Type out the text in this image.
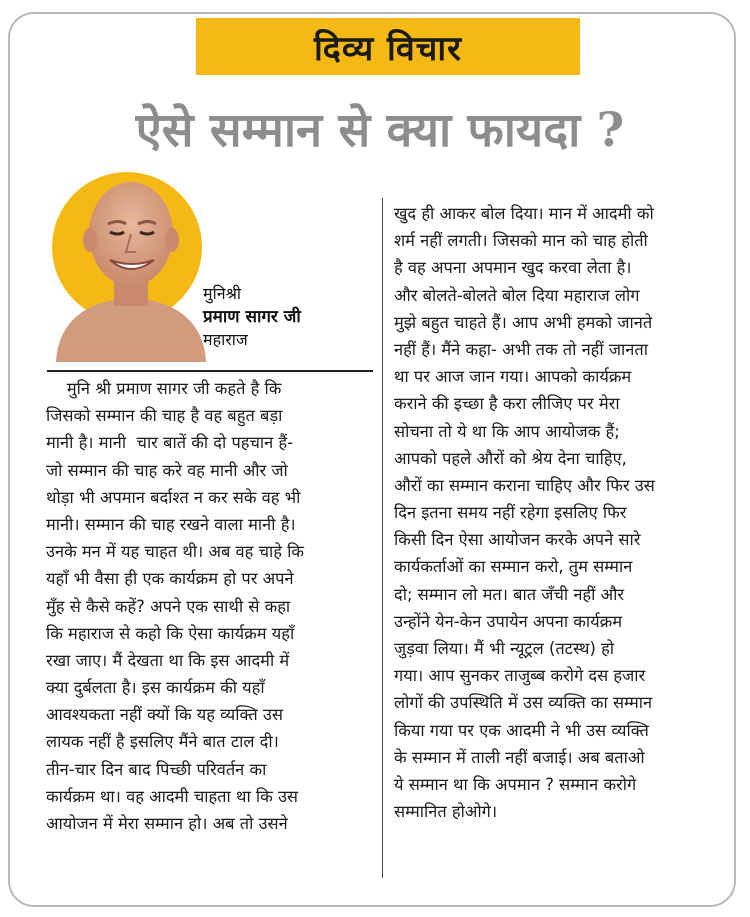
दिव्य विचार
ऐसे सम्मान से क्या फायदा ?
मुनिश्री
प्रमाण सागर जी
महाराज
मुनि श्री प्रमाण सागर जी कहते है कि
जिसको सम्मान की चाह है वह बहुत बड़ा
मानी है। मानी  चार बातें की दो पहचान हैं-
जो सम्मान की चाह करे वह मानी और जो
थोड़ा भी अपमान बर्दाश्त न कर सके वह भी
मानी। सम्मान की चाह रखने वाला मानी है।
उनके मन में यह चाहत थी। अब वह चाहे कि
यहाँ भी वैसा ही एक कार्यक्रम हो पर अपने
मुँह से कैसे कहें? अपने एक साथी से कहा
कि महाराज से कहो कि ऐसा कार्यक्रम यहाँ
रखा जाए। मैं देखता था कि इस आदमी में
क्या दुर्बलता है। इस कार्यक्रम की यहाँ
आवश्यकता नहीं क्यों कि यह व्यक्ति उस
लायक नहीं है इसलिए मैंने बात टाल दी।
तीन-चार दिन बाद पिच्छी परिवर्तन का
कार्यक्रम था। वह आदमी चाहता था कि उस
आयोजन में मेरा सम्मान हो। अब तो उसने
खुद ही आकर बोल दिया। मान में आदमी को
शर्म नहीं लगती। जिसको मान को चाह होती
है वह अपना अपमान खुद करवा लेता है।
और बोलते-बोलते बोल दिया महाराज लोग
मुझे बहुत चाहते हैं। आप अभी हमको जानते
नहीं हैं। मैंने कहा- अभी तक तो नहीं जानता
था पर आज जान गया। आपको कार्यक्रम
कराने की इच्छा है करा लीजिए पर मेरा
सोचना तो ये था कि आप आयोजक हैं;
आपको पहले औरों को श्रेय देना चाहिए,
औरों का सम्मान कराना चाहिए और फिर उस
दिन इतना समय नहीं रहेगा इसलिए फिर
किसी दिन ऐसा आयोजन करके अपने सारे
कार्यकर्ताओं का सम्मान करो, तुम सम्मान
दो; सम्मान लो मत। बात जँची नहीं और
उन्होंने येन-केन उपायेन अपना कार्यक्रम
जुड़वा लिया। मैं भी न्यूट्रल (तटस्थ) हो
गया। आप सुनकर ताजुब्ब करोगे दस हजार
लोगों की उपस्थिति में उस व्यक्ति का सम्मान
किया गया पर एक आदमी ने भी उस व्यक्ति
के सम्मान में ताली नहीं बजाई। अब बताओ
ये सम्मान था कि अपमान ? सम्मान करोगे
सम्मानित होओगे।
